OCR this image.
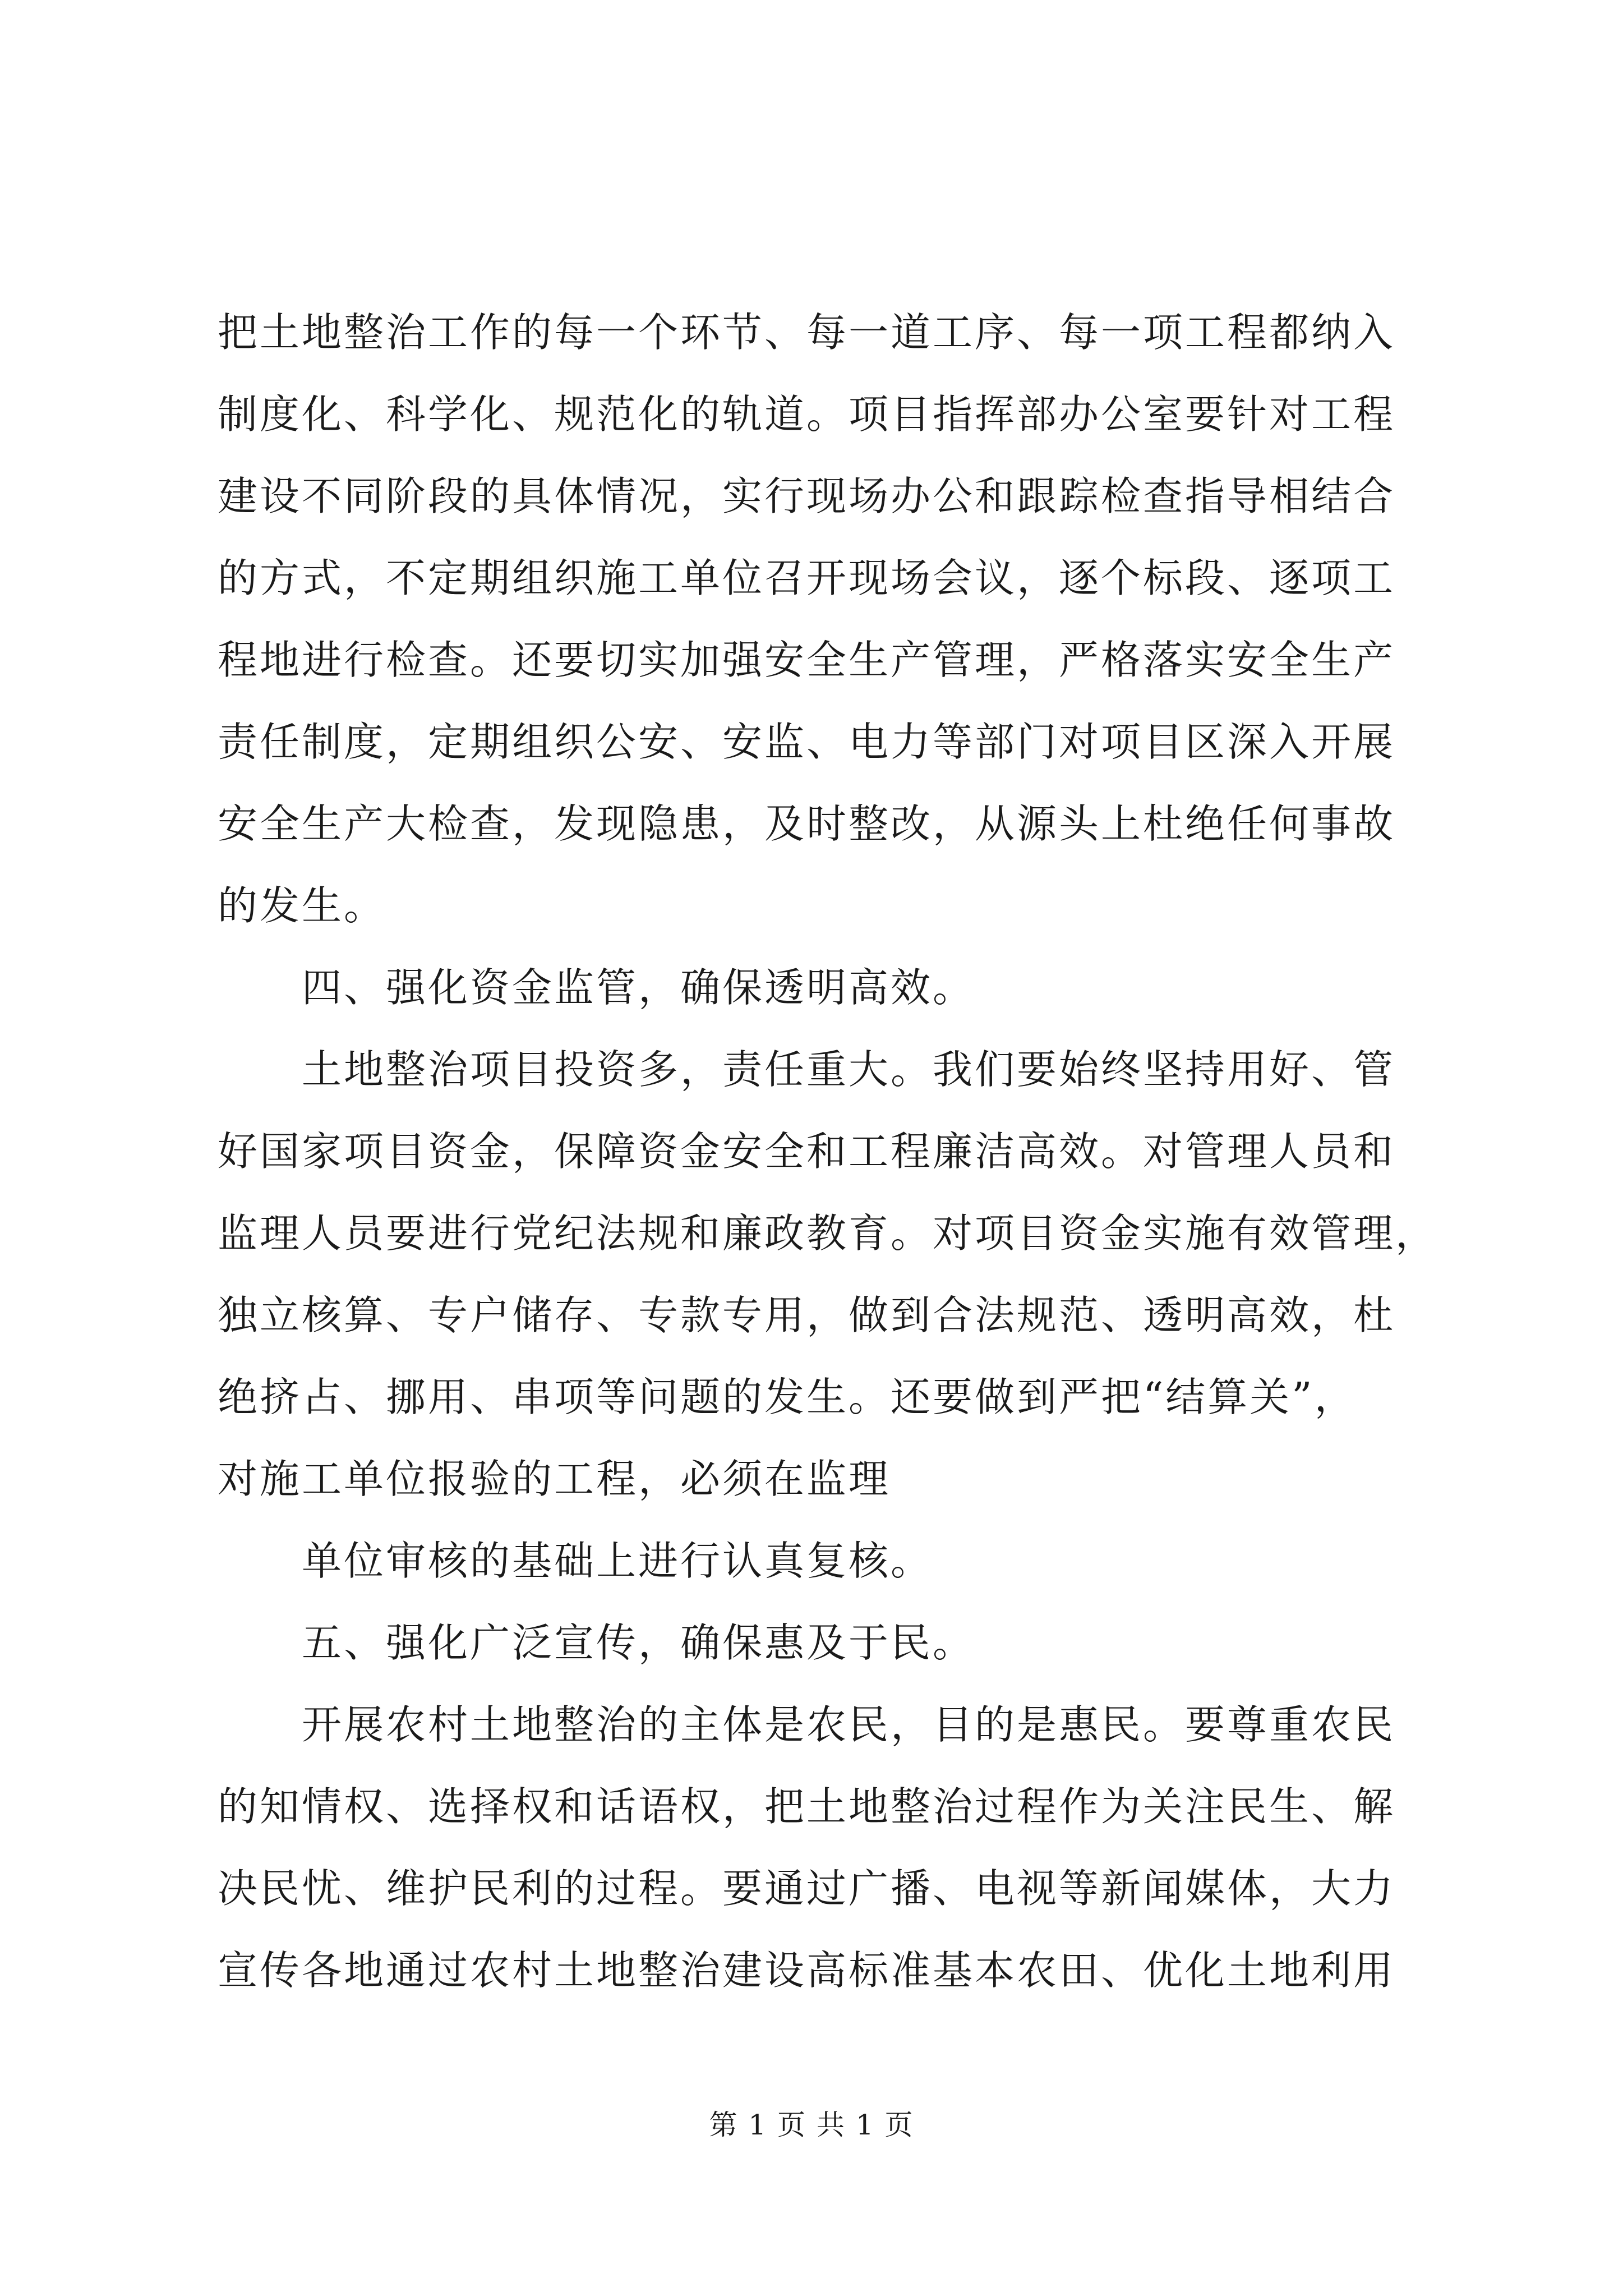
把土地整治工作的每一个环节、每一道工序、每一项工程都纳入
制度化、科学化、规范化的轨道。项目指挥部办公室要针对工程
建设不同阶段的具体情况，实行现场办公和跟踪检查指导相结合
的方式，不定期组织施工单位召开现场会议，逐个标段、逐项工
程地进行检查。还要切实加强安全生产管理，严格落实安全生产
责任制度，定期组织公安、安监、电力等部门对项目区深入开展
安全生产大检查，发现隐患，及时整改，从源头上杜绝任何事故
的发生。
四、强化资金监管，确保透明高效。
土地整治项目投资多，责任重大。我们要始终坚持用好、管
好国家项目资金，保障资金安全和工程廉洁高效。对管理人员和
监理人员要进行党纪法规和廉政教育。对项目资金实施有效管理，
独立核算、专户储存、专款专用，做到合法规范、透明高效，杜
绝挤占、挪用、串项等问题的发生。还要做到严把“结算关”，
对施工单位报验的工程，必须在监理
单位审核的基础上进行认真复核。
五、强化广泛宣传，确保惠及于民。
开展农村土地整治的主体是农民，目的是惠民。要尊重农民
的知情权、选择权和话语权，把土地整治过程作为关注民生、解
决民忧、维护民利的过程。要通过广播、电视等新闻媒体，大力
宣传各地通过农村土地整治建设高标准基本农田、优化土地利用
第 1 页 共 1 页
